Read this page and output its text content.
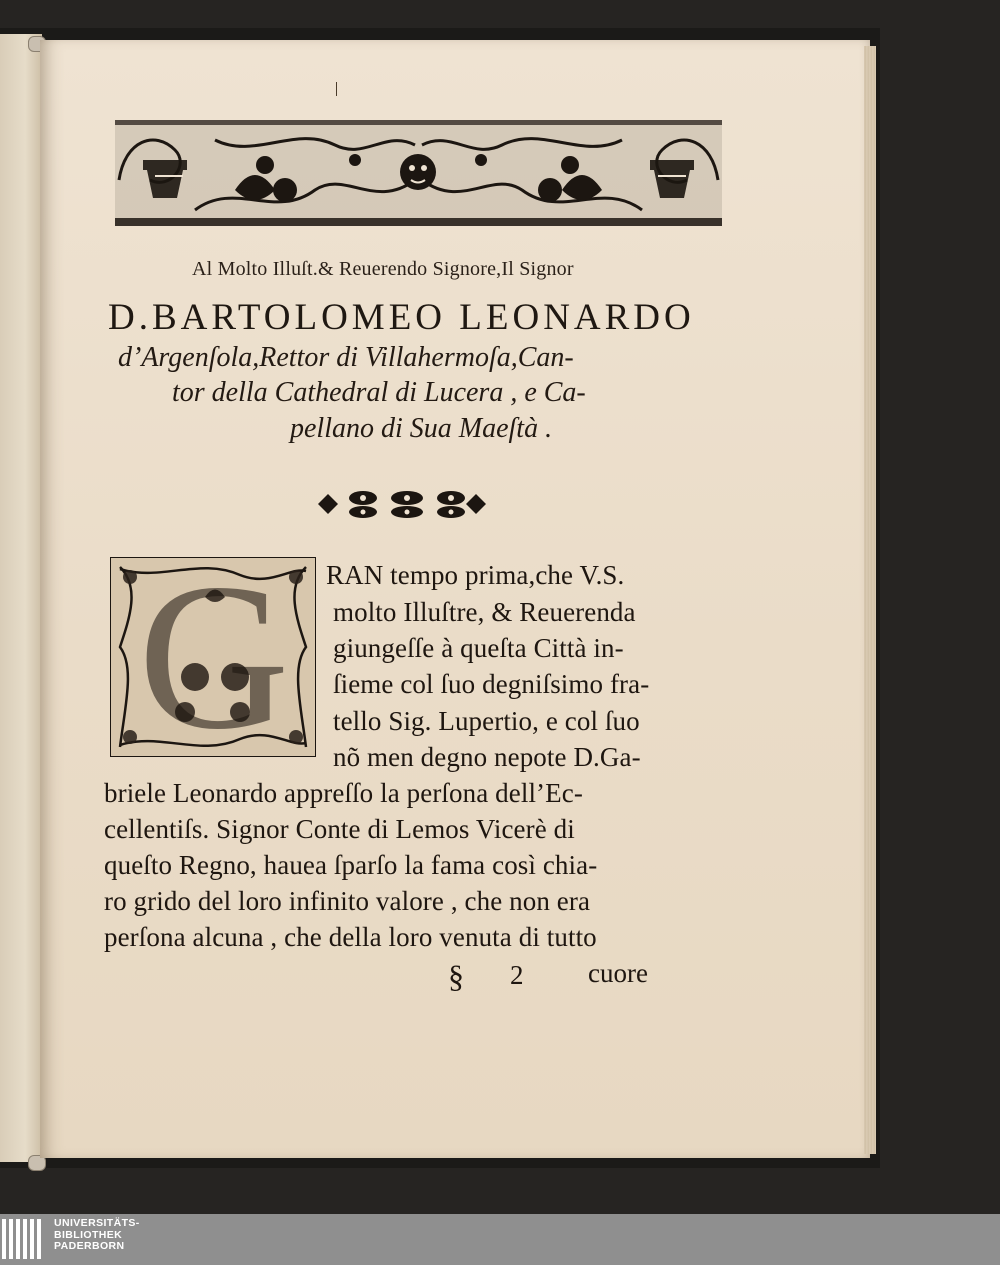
Al Molto Illuſt.& Reuerendo Signore,Il Signor
D.BARTOLOMEO LEONARDO
d’Argenſola,Rettor di Villahermoſa,Can-
tor della Cathedral di Lucera , e Ca-
pellano di Sua Maeſtà .
G RAN tempo prima,che V.S.
molto Illuſtre, & Reuerenda
giungeſſe à queſta Città in-
ſieme col ſuo degniſsimo fra-
tello Sig. Lupertio, e col ſuo
nõ men degno nepote D.Ga-
briele Leonardo appreſſo la perſona dell’Ec-
cellentiſs. Signor Conte di Lemos Vicerè di
queſto Regno, hauea ſparſo la fama così chia-
ro grido del loro infinito valore , che non era
perſona alcuna , che della loro venuta di tutto
§ 2 cuore
UNIVERSITÄTS-
BIBLIOTHEK
PADERBORN
